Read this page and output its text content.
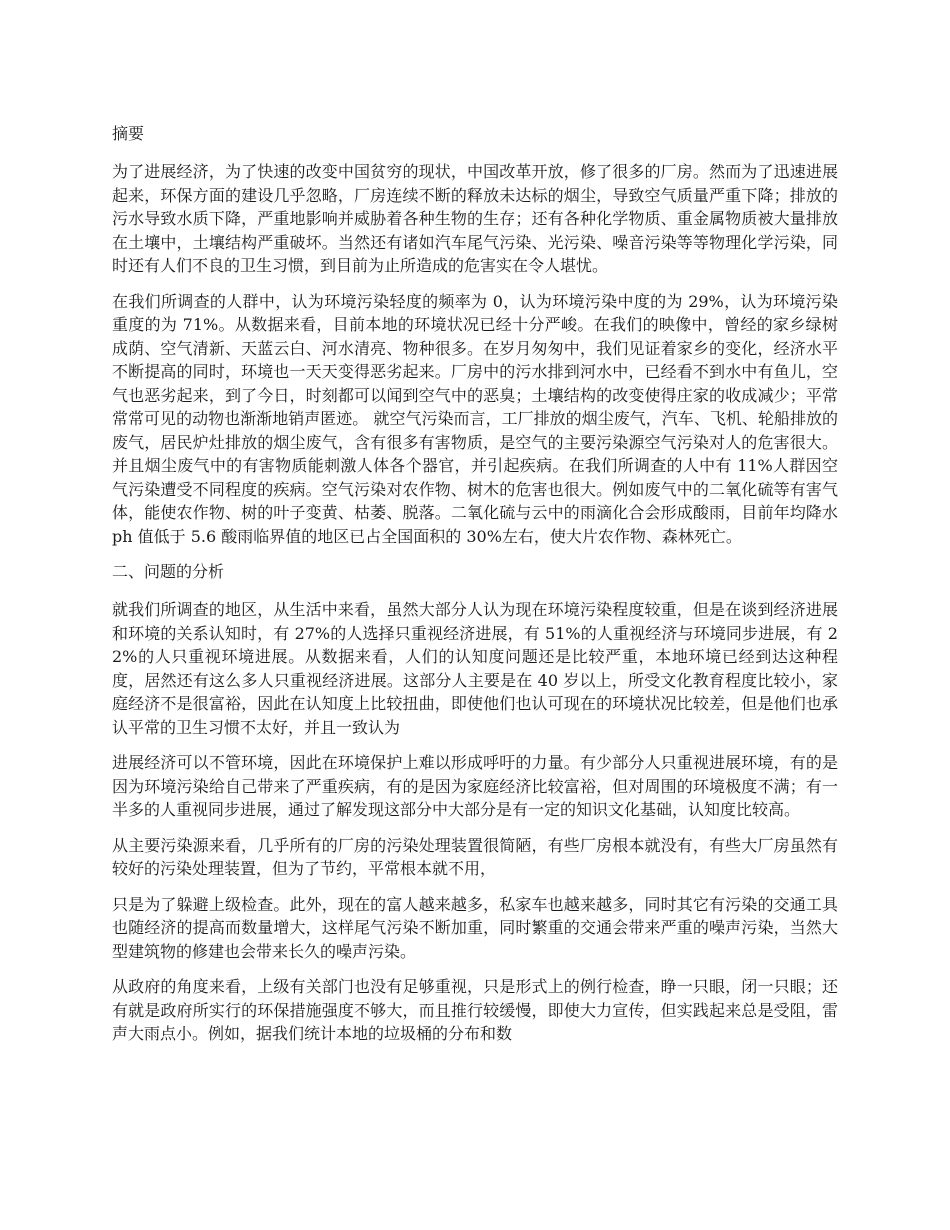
摘要

为了进展经济，为了快速的改变中国贫穷的现状，中国改革开放，修了很多的厂房。然而为了迅速进展起来，环保方面的建设几乎忽略，厂房连续不断的释放未达标的烟尘，导致空气质量严重下降；排放的污水导致水质下降，严重地影响并威胁着各种生物的生存；还有各种化学物质、重金属物质被大量排放在土壤中，土壤结构严重破坏。当然还有诸如汽车尾气污染、光污染、噪音污染等等物理化学污染，同时还有人们不良的卫生习惯，到目前为止所造成的危害实在令人堪忧。

在我们所调查的人群中，认为环境污染轻度的频率为 0，认为环境污染中度的为 29%，认为环境污染重度的为 71%。从数据来看，目前本地的环境状况已经十分严峻。在我们的映像中，曾经的家乡绿树成荫、空气清新、天蓝云白、河水清亮、物种很多。在岁月匆匆中，我们见证着家乡的变化，经济水平不断提高的同时，环境也一天天变得恶劣起来。厂房中的污水排到河水中，已经看不到水中有鱼儿，空气也恶劣起来，到了今日，时刻都可以闻到空气中的恶臭；土壤结构的改变使得庄家的收成减少；平常常常可见的动物也渐渐地销声匿迹。 就空气污染而言，工厂排放的烟尘废气，汽车、飞机、轮船排放的废气，居民炉灶排放的烟尘废气，含有很多有害物质，是空气的主要污染源空气污染对人的危害很大。并且烟尘废气中的有害物质能刺激人体各个器官，并引起疾病。在我们所调查的人中有 11%人群因空气污染遭受不同程度的疾病。空气污染对农作物、树木的危害也很大。例如废气中的二氧化硫等有害气体，能使农作物、树的叶子变黄、枯萎、脱落。二氧化硫与云中的雨滴化合会形成酸雨，目前年均降水 ph 值低于 5.6 酸雨临界值的地区已占全国面积的 30%左右，使大片农作物、森林死亡。

二、问题的分析

就我们所调查的地区，从生活中来看，虽然大部分人认为现在环境污染程度较重，但是在谈到经济进展和环境的关系认知时，有 27%的人选择只重视经济进展，有 51%的人重视经济与环境同步进展，有 22%的人只重视环境进展。从数据来看，人们的认知度问题还是比较严重，本地环境已经到达这种程度，居然还有这么多人只重视经济进展。这部分人主要是在 40 岁以上，所受文化教育程度比较小，家庭经济不是很富裕，因此在认知度上比较扭曲，即使他们也认可现在的环境状况比较差，但是他们也承认平常的卫生习惯不太好，并且一致认为

进展经济可以不管环境，因此在环境保护上难以形成呼吁的力量。有少部分人只重视进展环境，有的是因为环境污染给自己带来了严重疾病，有的是因为家庭经济比较富裕，但对周围的环境极度不满；有一半多的人重视同步进展，通过了解发现这部分中大部分是有一定的知识文化基础，认知度比较高。

从主要污染源来看，几乎所有的厂房的污染处理装置很简陋，有些厂房根本就没有，有些大厂房虽然有较好的污染处理装置，但为了节约，平常根本就不用，

只是为了躲避上级检查。此外，现在的富人越来越多，私家车也越来越多，同时其它有污染的交通工具也随经济的提高而数量增大，这样尾气污染不断加重，同时繁重的交通会带来严重的噪声污染，当然大型建筑物的修建也会带来长久的噪声污染。

从政府的角度来看，上级有关部门也没有足够重视，只是形式上的例行检查，睁一只眼，闭一只眼；还有就是政府所实行的环保措施强度不够大，而且推行较缓慢，即使大力宣传，但实践起来总是受阻，雷声大雨点小。例如，据我们统计本地的垃圾桶的分布和数
